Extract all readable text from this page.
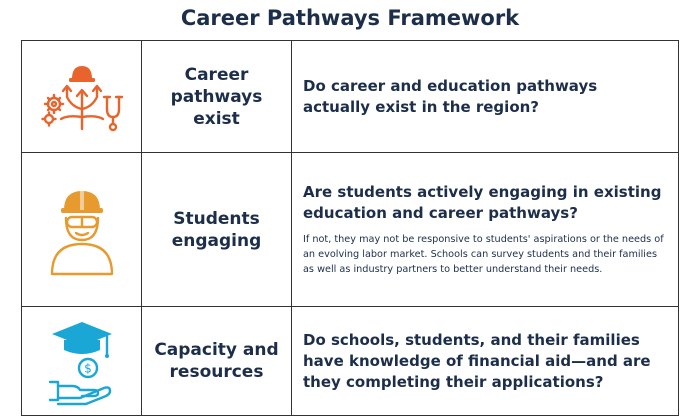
Career Pathways Framework
Career pathways exist
Do career and education pathways actually exist in the region?
Students engaging
Are students actively engaging in existing education and career pathways?
If not, they may not be responsive to students' aspirations or the needs of an evolving labor market. Schools can survey students and their families as well as industry partners to better understand their needs.
$
Capacity and resources
Do schools, students, and their families have knowledge of financial aid—and are they completing their applications?
